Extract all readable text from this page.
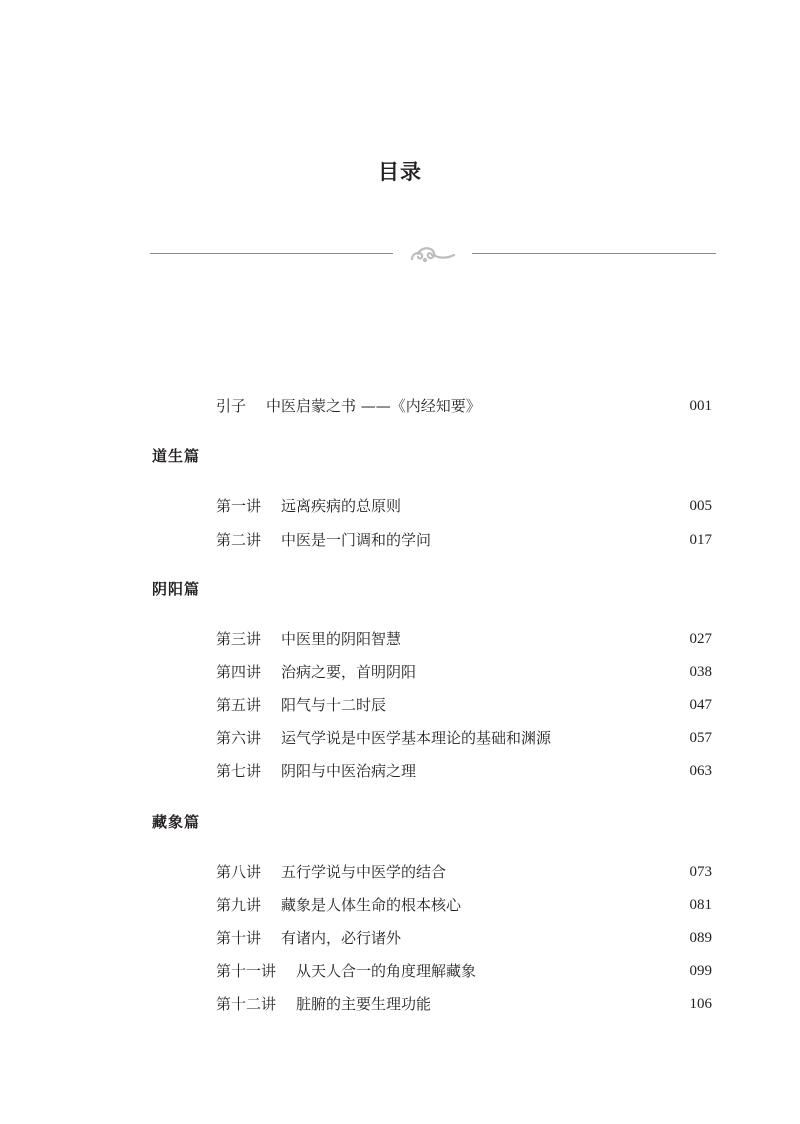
目录
引子 中医启蒙之书 ——《内经知要》	001
道生篇
第一讲 远离疾病的总原则	005
第二讲 中医是一门调和的学问	017
阴阳篇
第三讲 中医里的阴阳智慧	027
第四讲 治病之要，首明阴阳	038
第五讲 阳气与十二时辰	047
第六讲 运气学说是中医学基本理论的基础和渊源	057
第七讲 阴阳与中医治病之理	063
藏象篇
第八讲 五行学说与中医学的结合	073
第九讲 藏象是人体生命的根本核心	081
第十讲 有诸内，必行诸外	089
第十一讲 从天人合一的角度理解藏象	099
第十二讲 脏腑的主要生理功能	106
